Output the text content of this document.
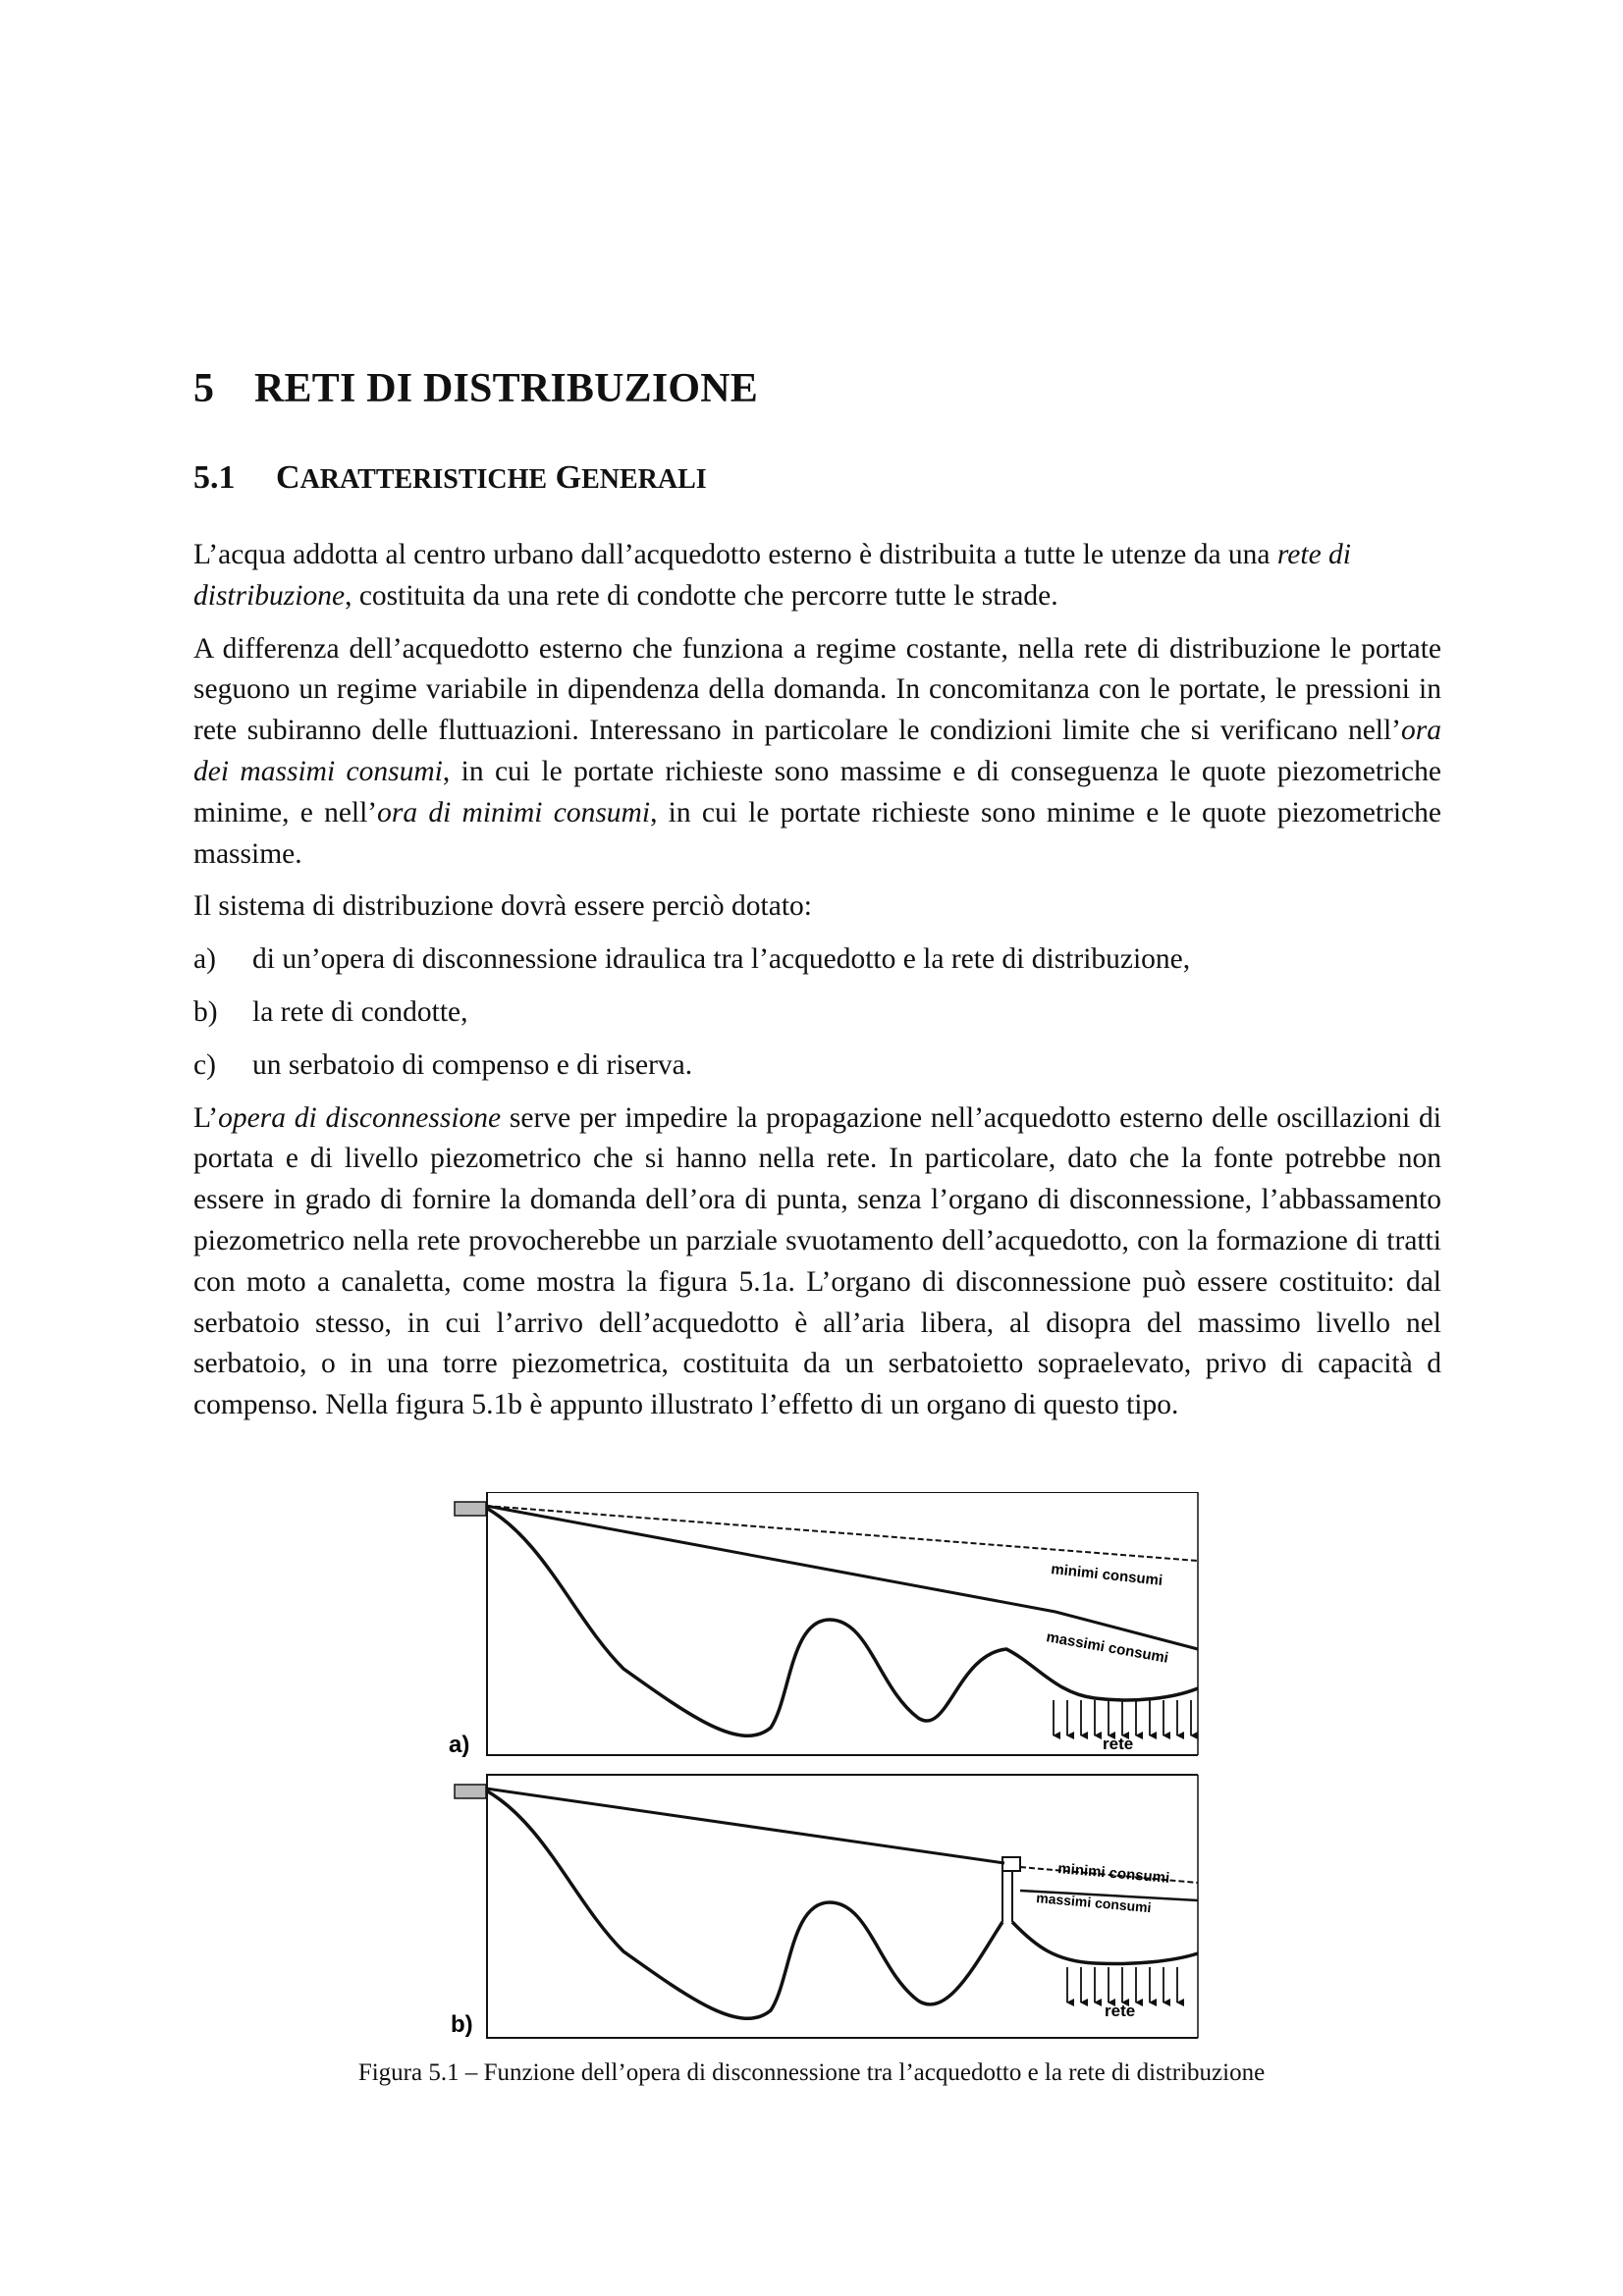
5 RETI DI DISTRIBUZIONE
5.1 CARATTERISTICHE GENERALI

L’acqua addotta al centro urbano dall’acquedotto esterno è distribuita a tutte le utenze da una rete di distribuzione, costituita da una rete di condotte che percorre tutte le strade.

A differenza dell’acquedotto esterno che funziona a regime costante, nella rete di distribuzione le portate seguono un regime variabile in dipendenza della domanda. In concomitanza con le portate, le pressioni in rete subiranno delle fluttuazioni. Interessano in particolare le condizioni limite che si verificano nell’ora dei massimi consumi, in cui le portate richieste sono massime e di conseguenza le quote piezometriche minime, e nell’ora di minimi consumi, in cui le portate richieste sono minime e le quote piezometriche massime.

Il sistema di distribuzione dovrà essere perciò dotato:

a)	di un’opera di disconnessione idraulica tra l’acquedotto e la rete di distribuzione,
b)	la rete di condotte,
c)	un serbatoio di compenso e di riserva.

L’opera di disconnessione serve per impedire la propagazione nell’acquedotto esterno delle oscillazioni di portata e di livello piezometrico che si hanno nella rete. In particolare, dato che la fonte potrebbe non essere in grado di fornire la domanda dell’ora di punta, senza l’organo di disconnessione, l’abbassamento piezometrico nella rete provocherebbe un parziale svuotamento dell’acquedotto, con la formazione di tratti con moto a canaletta, come mostra la figura 5.1a. L’organo di disconnessione può essere costituito: dal serbatoio stesso, in cui l’arrivo dell’acquedotto è all’aria libera, al disopra del massimo livello nel serbatoio, o in una torre piezometrica, costituita da un serbatoietto sopraelevato, privo di capacità d compenso. Nella figura 5.1b è appunto illustrato l’effetto di un organo di questo tipo.

minimi consumi
massimi consumi
rete
a)
minimi consumi
massimi consumi
rete
b)
Figura 5.1 – Funzione dell’opera di disconnessione tra l’acquedotto e la rete di distribuzione
